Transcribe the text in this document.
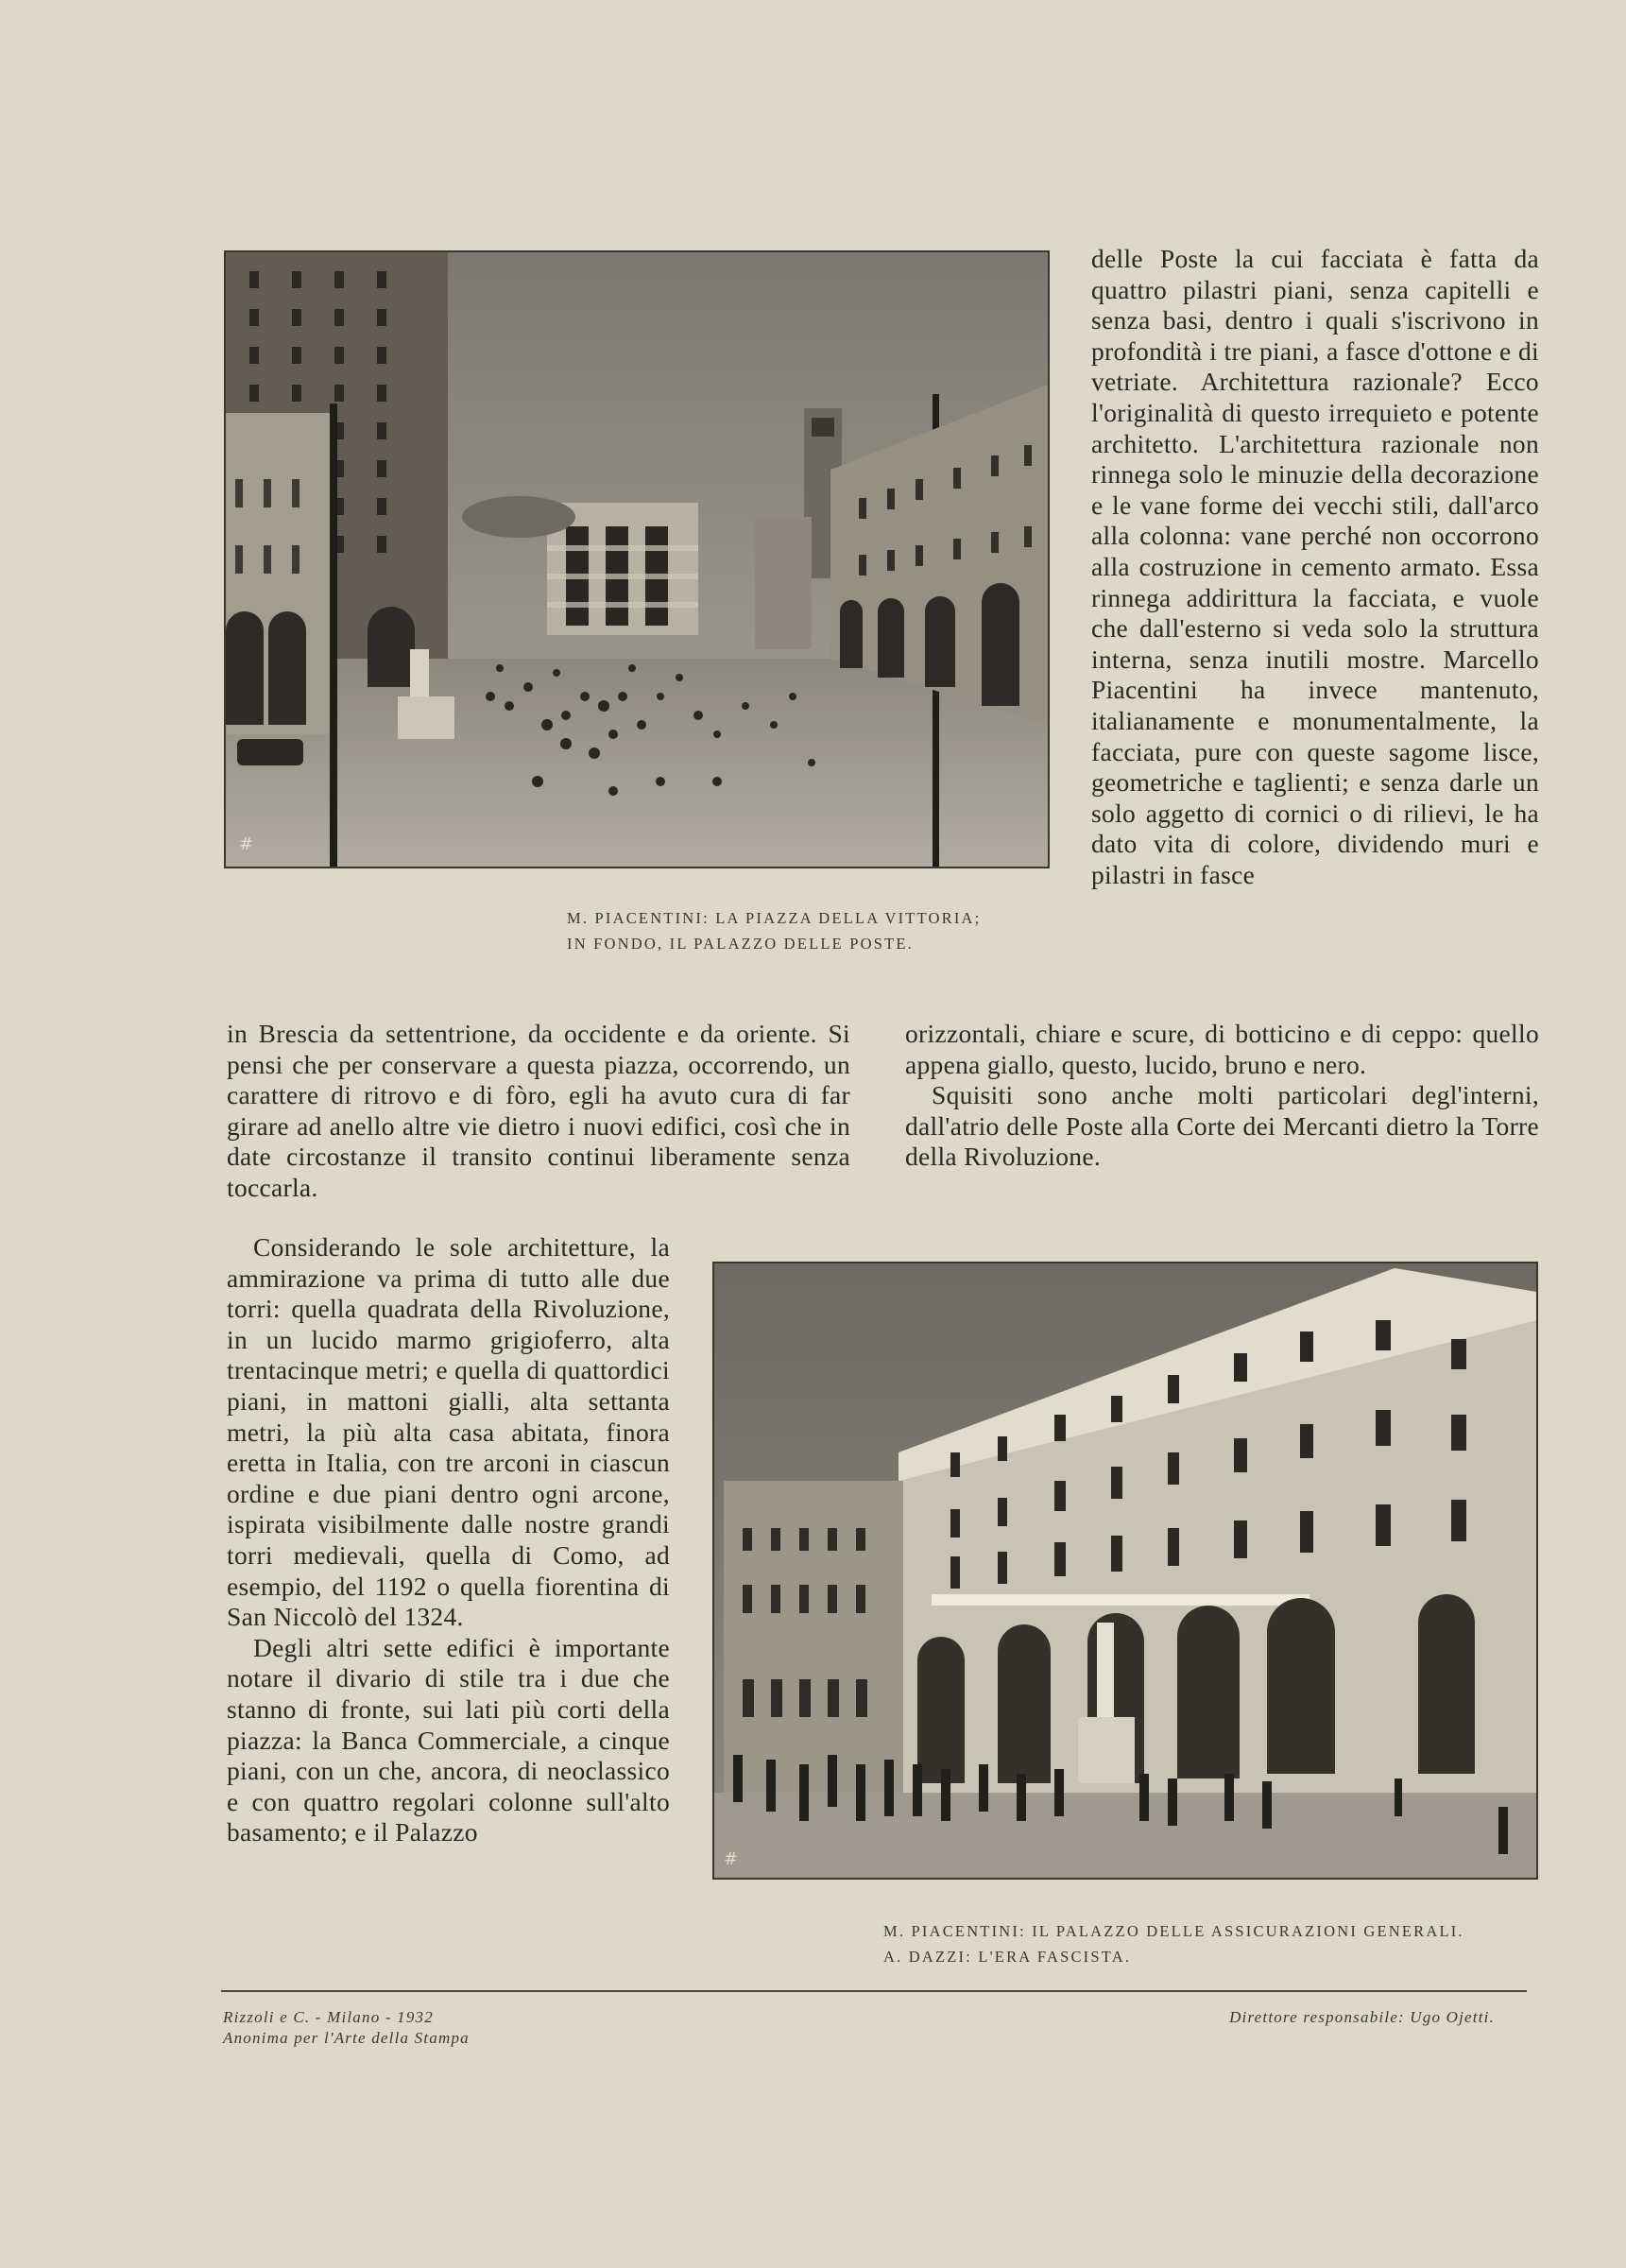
#
M. PIACENTINI: LA PIAZZA DELLA VITTORIA;
IN FONDO, IL PALAZZO DELLE POSTE.

delle Poste la cui facciata è fatta da quattro pilastri piani, senza capitelli e senza basi, dentro i quali s'iscrivono in profondità i tre piani, a fasce d'ottone e di vetriate. Architettura razionale? Ecco l'originalità di questo irrequieto e potente architetto. L'architettura razionale non rinnega solo le minuzie della decorazione e le vane forme dei vecchi stili, dall'arco alla colonna: vane perché non occorrono alla costruzione in cemento armato. Essa rinnega addirittura la facciata, e vuole che dall'esterno si veda solo la struttura interna, senza inutili mostre. Marcello Piacentini ha invece mantenuto, italianamente e monumentalmente, la facciata, pure con queste sagome lisce, geometriche e taglienti; e senza darle un solo aggetto di cornici o di rilievi, le ha dato vita di colore, dividendo muri e pilastri in fasce

in Brescia da settentrione, da occidente e da oriente. Si pensi che per conservare a questa piazza, occorrendo, un carattere di ritrovo e di fòro, egli ha avuto cura di far girare ad anello altre vie dietro i nuovi edifici, così che in date circostanze il transito continui liberamente senza toccarla.

orizzontali, chiare e scure, di botticino e di ceppo: quello appena giallo, questo, lucido, bruno e nero.

Squisiti sono anche molti particolari degl'interni, dall'atrio delle Poste alla Corte dei Mercanti dietro la Torre della Rivoluzione.

Considerando le sole architetture, la ammirazione va prima di tutto alle due torri: quella quadrata della Rivoluzione, in un lucido marmo grigioferro, alta trentacinque metri; e quella di quattordici piani, in mattoni gialli, alta settanta metri, la più alta casa abitata, finora eretta in Italia, con tre arconi in ciascun ordine e due piani dentro ogni arcone, ispirata visibilmente dalle nostre grandi torri medievali, quella di Como, ad esempio, del 1192 o quella fiorentina di San Niccolò del 1324.

Degli altri sette edifici è importante notare il divario di stile tra i due che stanno di fronte, sui lati più corti della piazza: la Banca Commerciale, a cinque piani, con un che, ancora, di neoclassico e con quattro regolari colonne sull'alto basamento; e il Palazzo

#
M. PIACENTINI: IL PALAZZO DELLE ASSICURAZIONI GENERALI.
A. DAZZI: L'ERA FASCISTA.
Rizzoli e C. - Milano - 1932
Anonima per l'Arte della Stampa
Direttore responsabile: Ugo Ojetti.
